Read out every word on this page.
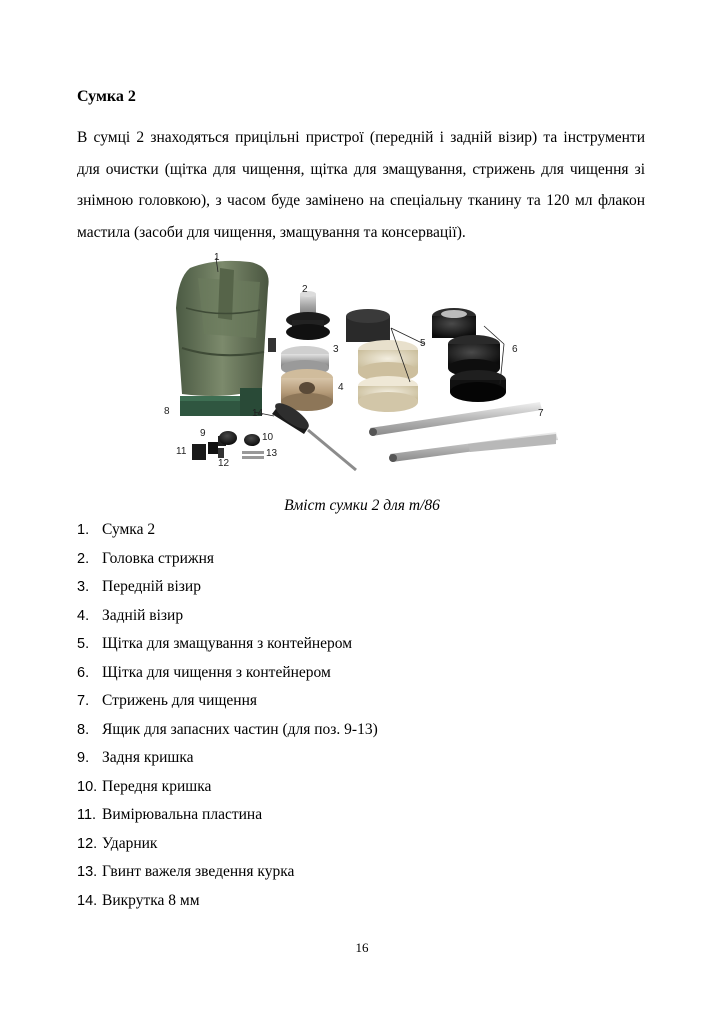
Сумка 2
В сумці 2 знаходяться прицільні пристрої (передній і задній візир) та інструменти для очистки (щітка для чищення, щітка для змащування, стрижень для чищення зі знімною головкою), з часом буде замінено на спеціальну тканину та 120 мл флакон мастила (засоби для чищення, змащування та консервації).
1
2
3
4
5
6
7
8
9	10
11
12
13
14
Вміст сумки 2 для т/86
1. Сумка 2
2. Головка стрижня
3. Передній візир
4. Задній візир
5. Щітка для змащування з контейнером
6. Щітка для чищення з контейнером
7. Стрижень для чищення
8. Ящик для запасних частин (для поз. 9-13)
9. Задня кришка
10. Передня кришка
11. Вимірювальна пластина
12. Ударник
13. Гвинт важеля зведення курка
14. Викрутка 8 мм
16
